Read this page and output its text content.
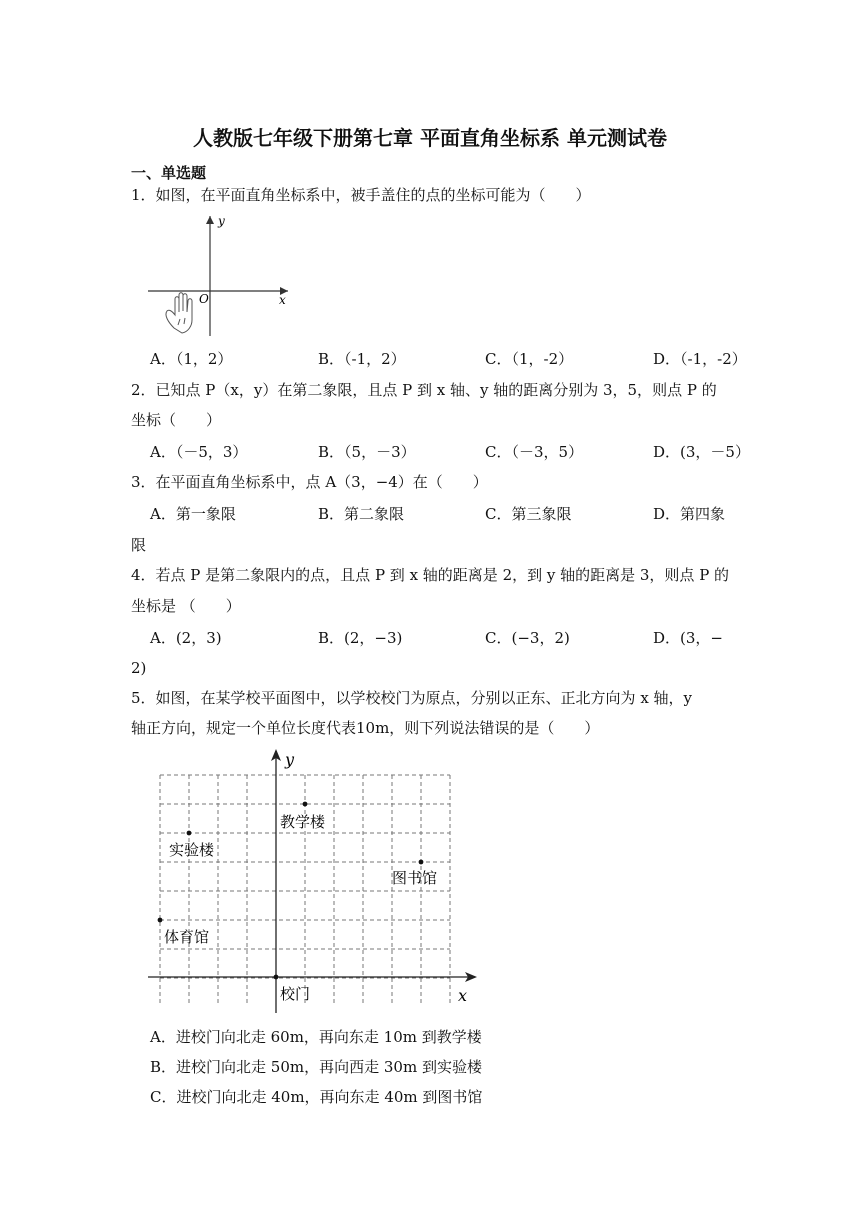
人教版七年级下册第七章 平面直角坐标系 单元测试卷
一、单选题
1．如图，在平面直角坐标系中，被手盖住的点的坐标可能为（　　）
y
x
O
A．（1，2）	B．（-1，2）	C．（1，-2）	D．（-1，-2）
2．已知点 P（x，y）在第二象限，且点 P 到 x 轴、y 轴的距离分别为 3，5，则点 P 的
坐标（　　）
A．（－5，3）	B．（5，－3）	C．（－3，5）	D．(3，－5）
3．在平面直角坐标系中，点 A（3，−4）在（　　）
A．第一象限	B．第二象限	C．第三象限	D．第四象
限
4．若点 P 是第二象限内的点，且点 P 到 x 轴的距离是 2，到 y 轴的距离是 3，则点 P 的
坐标是 （　　）
A．(2，3)	B．(2，−3)	C．(−3，2)	D．(3，−
2)
5．如图，在某学校平面图中，以学校校门为原点，分别以正东、正北方向为 x 轴，y
轴正方向，规定一个单位长度代表10m，则下列说法错误的是（　　）
y
x
教学楼
实验楼
图书馆
体育馆
校门
A．进校门向北走 60m，再向东走 10m 到教学楼
B．进校门向北走 50m，再向西走 30m 到实验楼
C．进校门向北走 40m，再向东走 40m 到图书馆
